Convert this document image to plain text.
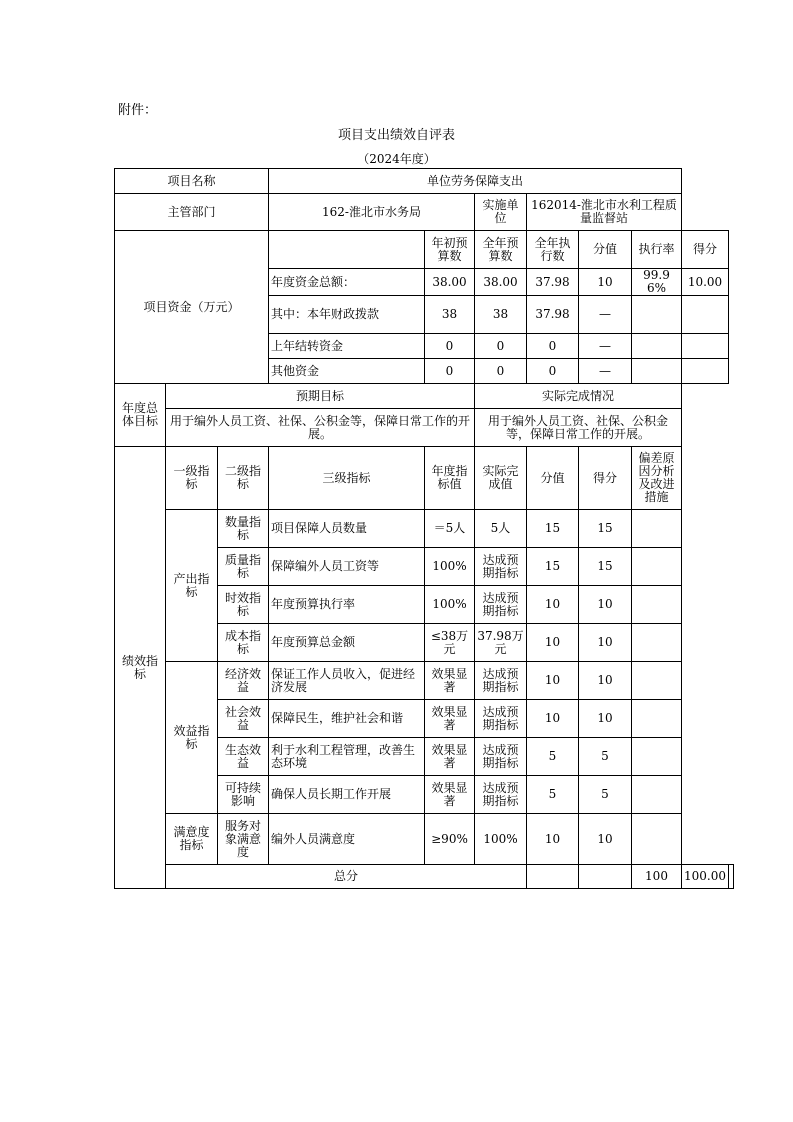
附件：
项目支出绩效自评表
（2024年度）
项目名称			单位劳务保障支出							
主管部门			162-淮北市水务局		实施单位	162014-淮北市水利工程质量监督站				
项目资金（万元）				年初预算数	全年预算数	全年执行数	分值	执行率	得分	
			年度资金总额：	38.00	38.00	37.98	10	99.96%	10.00	
			其中：本年财政拨款	38	38	37.98	—			
			上年结转资金	0	0	0	—			
			其他资金	0	0	0	—			
年度总体目标	预期目标				实际完成情况					
	用于编外人员工资、社保、公积金等，保障日常工作的开展。				用于编外人员工资、社保、公积金等，保障日常工作的开展。					
绩效指标	一级指标	二级指标	三级指标	年度指标值	实际完成值	分值	得分	偏差原因分析及改进措施		
	产出指标	数量指标	项目保障人员数量	＝5人	5人	15	15			
		质量指标	保障编外人员工资等	100%	达成预期指标	15	15			
		时效指标	年度预算执行率	100%	达成预期指标	10	10			
		成本指标	年度预算总金额	≤38万元	37.98万元	10	10			
	效益指标	经济效益	保证工作人员收入，促进经济发展	效果显著	达成预期指标	10	10			
		社会效益	保障民生，维护社会和谐	效果显著	达成预期指标	10	10			
		生态效益	利于水利工程管理，改善生态环境	效果显著	达成预期指标	5	5			
		可持续影响	确保人员长期工作开展	效果显著	达成预期指标	5	5			
	满意度指标	服务对象满意度	编外人员满意度	≥90%	100%	10	10			
	总分							100	100.00	
